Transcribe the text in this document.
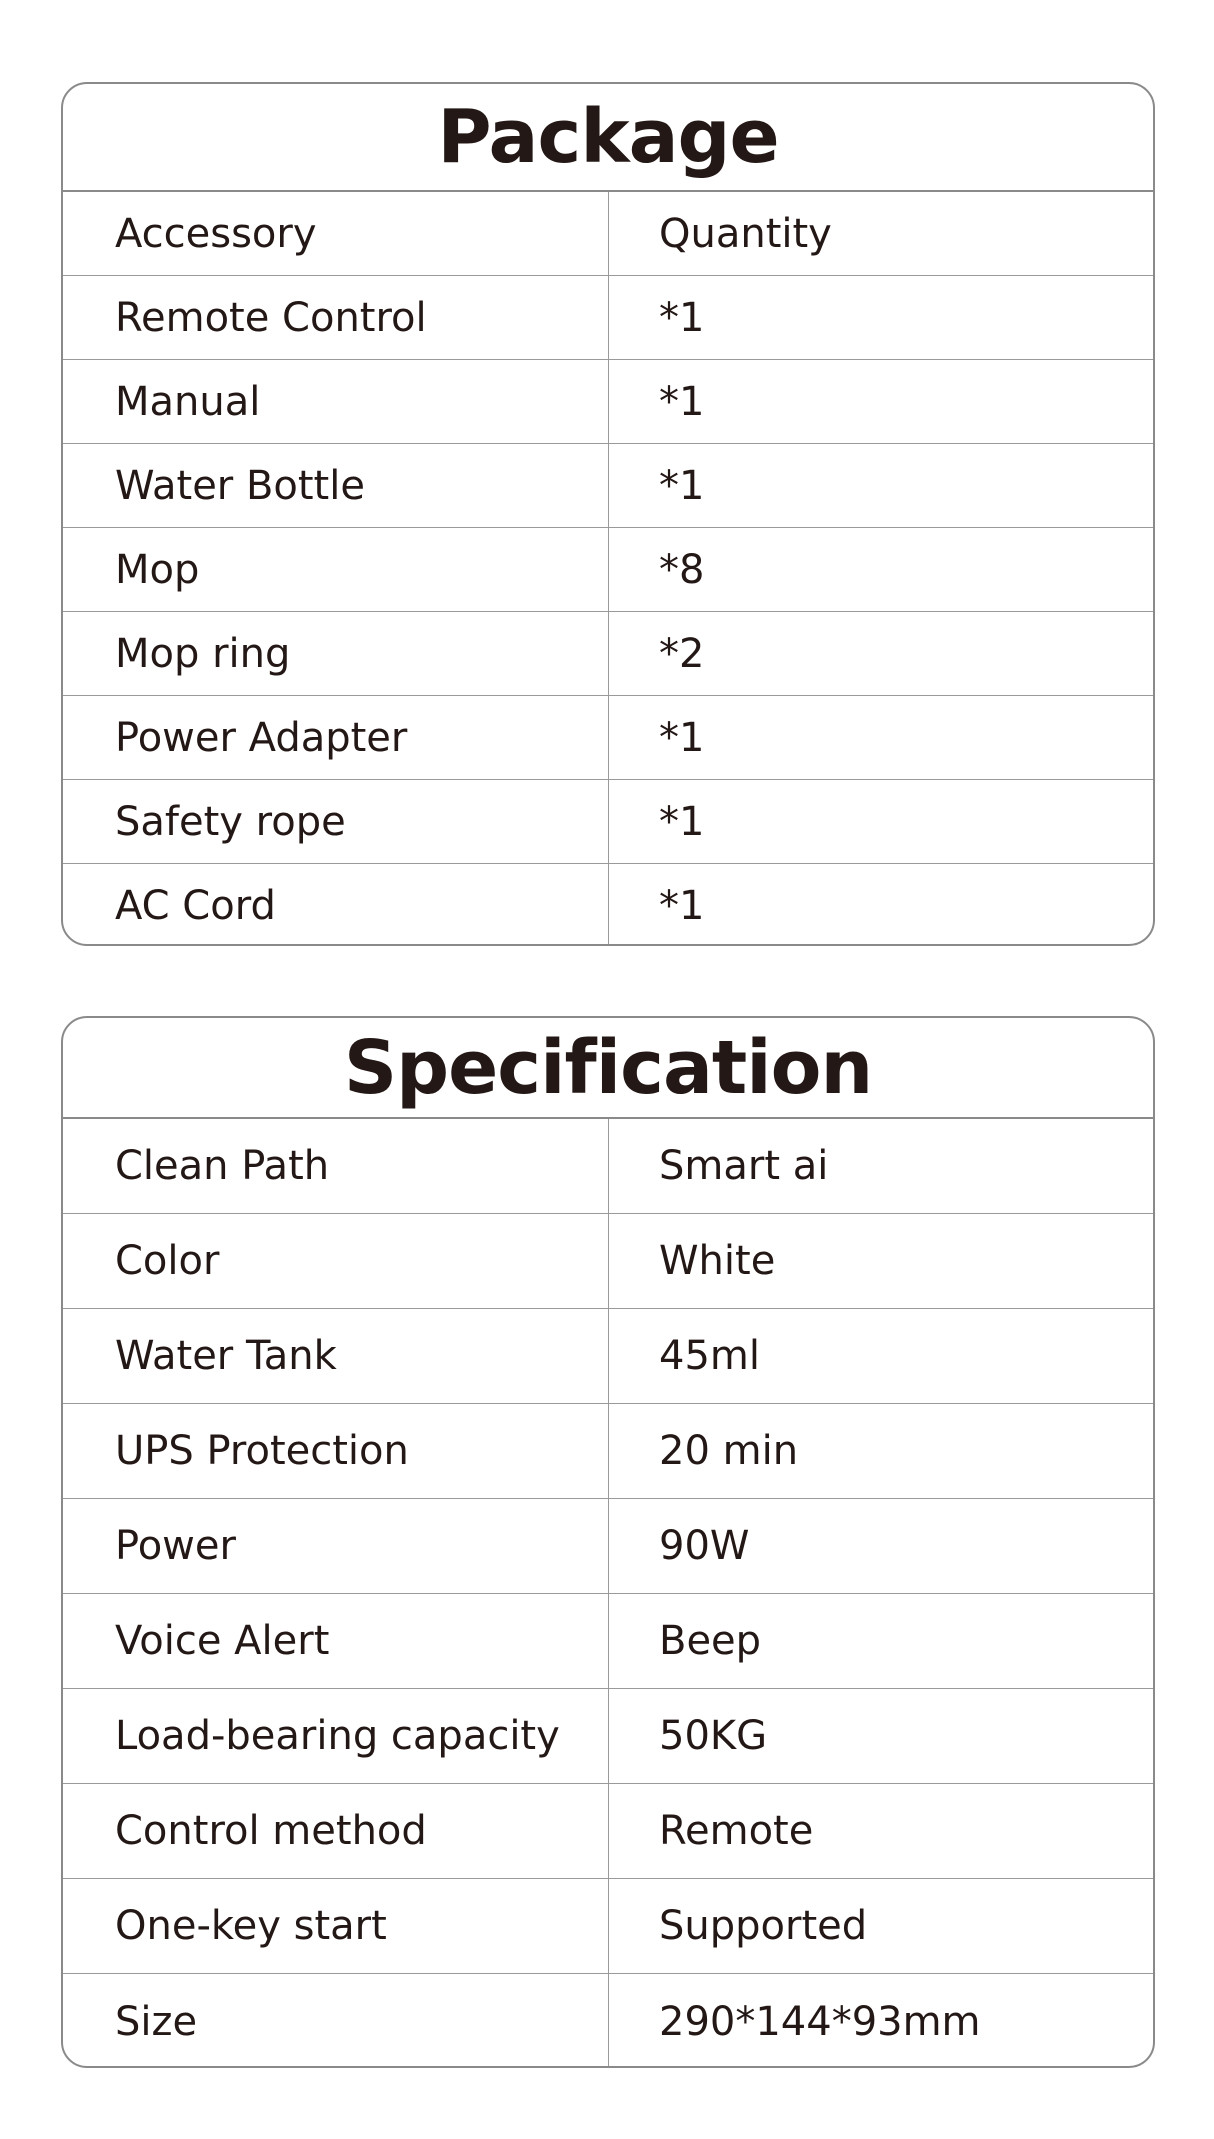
Package
Accessory	Quantity
Remote Control	*1
Manual	*1
Water Bottle	*1
Mop	*8
Mop ring	*2
Power Adapter	*1
Safety rope	*1
AC Cord	*1
Specification
Clean Path	Smart ai
Color	White
Water Tank	45ml
UPS Protection	20 min
Power	90W
Voice Alert	Beep
Load-bearing capacity	50KG
Control method	Remote
One-key start	Supported
Size	290*144*93mm
